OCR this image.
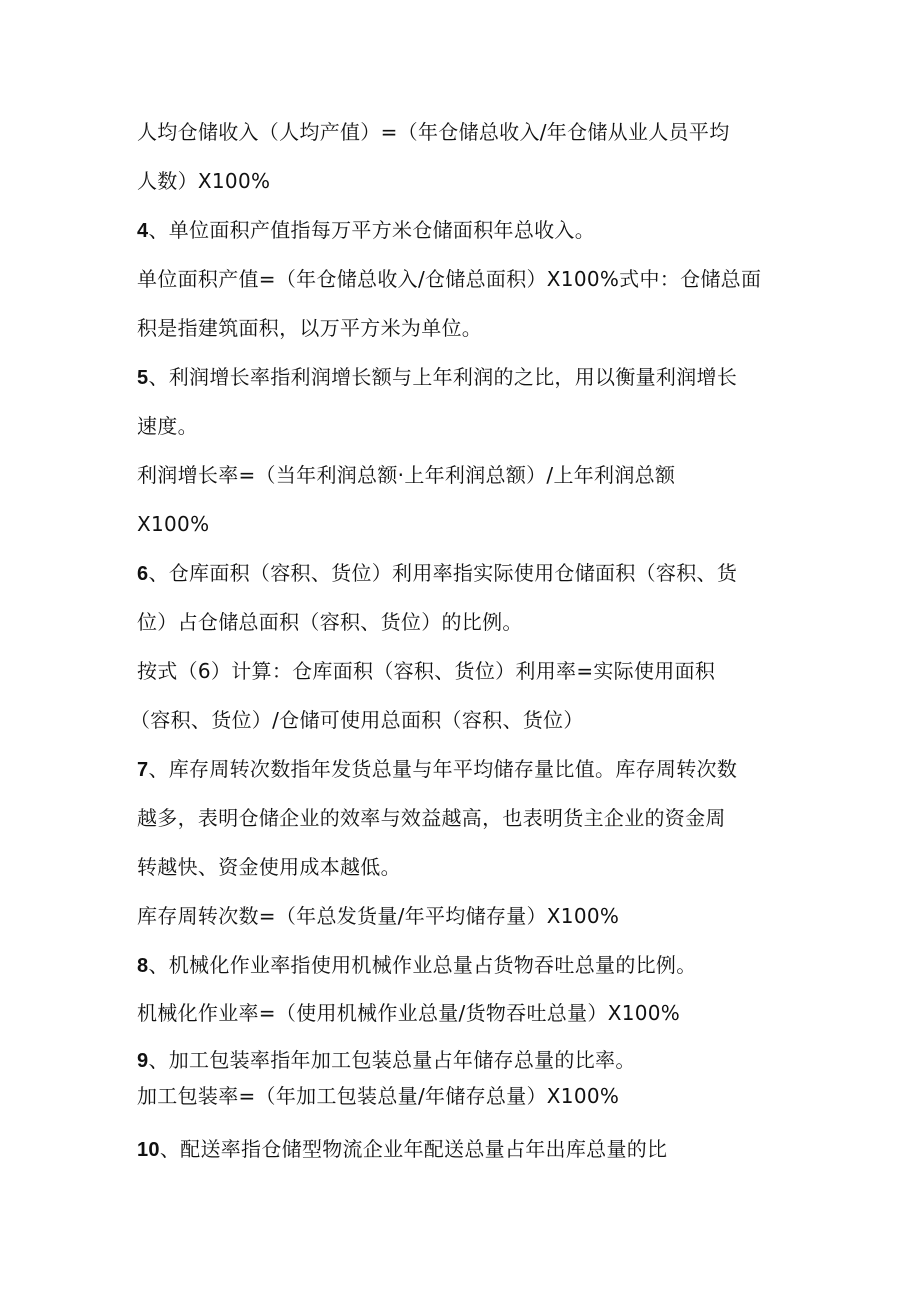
人均仓储收入（人均产值）=（年仓储总收入/年仓储从业人员平均
人数）X100%
4、单位面积产值指每万平方米仓储面积年总收入。
单位面积产值=（年仓储总收入/仓储总面积）X100%式中：仓储总面
积是指建筑面积，以万平方米为单位。
5、利润增长率指利润增长额与上年利润的之比，用以衡量利润增长
速度。
利润增长率=（当年利润总额·上年利润总额）/上年利润总额
X100%
6、仓库面积（容积、货位）利用率指实际使用仓储面积（容积、货
位）占仓储总面积（容积、货位）的比例。
按式（6）计算：仓库面积（容积、货位）利用率=实际使用面积
（容积、货位）/仓储可使用总面积（容积、货位）
7、库存周转次数指年发货总量与年平均储存量比值。库存周转次数
越多，表明仓储企业的效率与效益越高，也表明货主企业的资金周
转越快、资金使用成本越低。
库存周转次数=（年总发货量/年平均储存量）X100%
8、机械化作业率指使用机械作业总量占货物吞吐总量的比例。
机械化作业率=（使用机械作业总量/货物吞吐总量）X100%
9、加工包装率指年加工包装总量占年储存总量的比率。
加工包装率=（年加工包装总量/年储存总量）X100%
10、配送率指仓储型物流企业年配送总量占年出库总量的比
